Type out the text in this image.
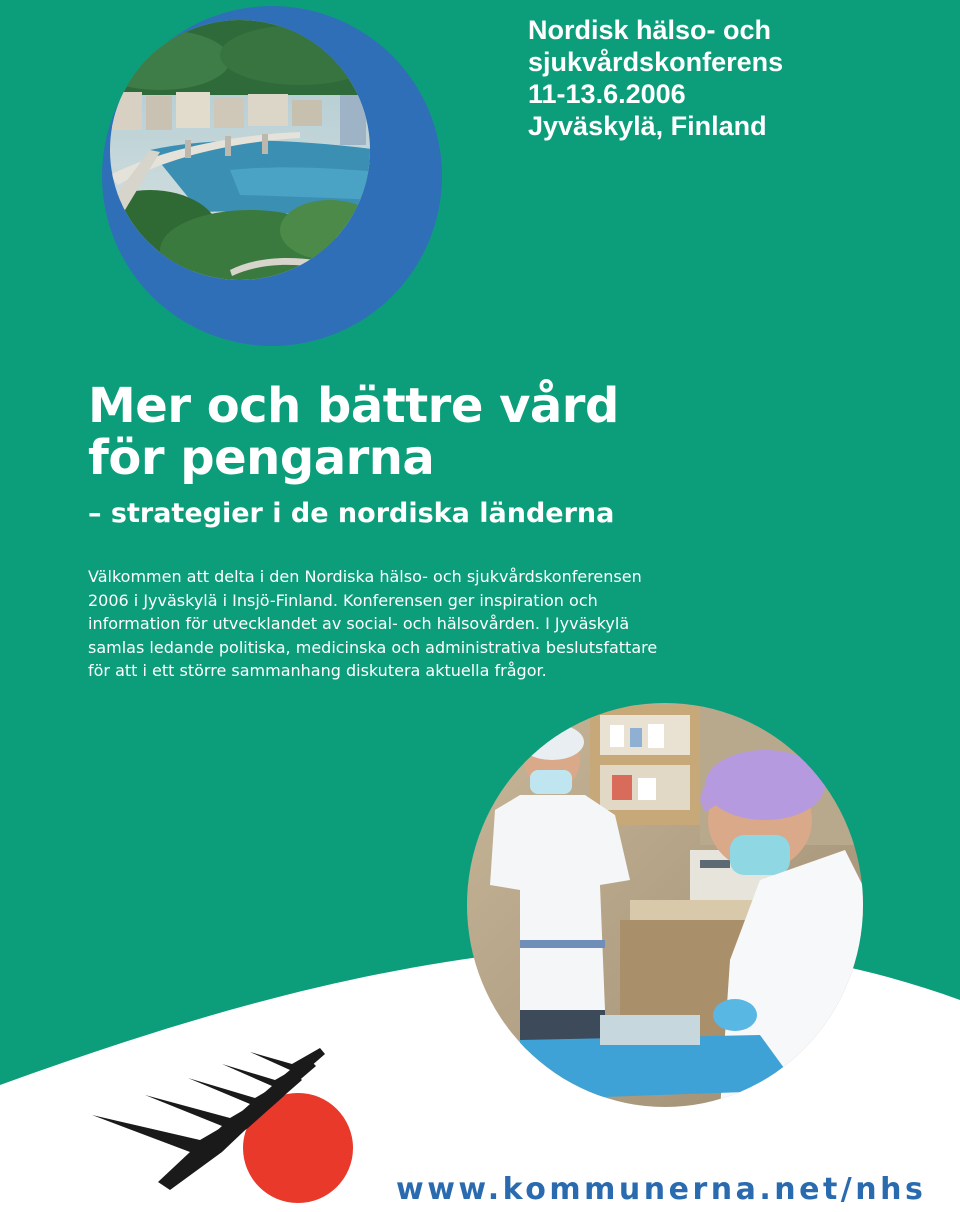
Nordisk hälso- och
sjukvårdskonferens
11-13.6.2006
Jyväskylä, Finland
Mer och bättre vård
för pengarna
– strategier i de nordiska länderna
Välkommen att delta i den Nordiska hälso- och sjukvårdskonferensen
2006 i Jyväskylä i Insjö-Finland. Konferensen ger inspiration och
information för utvecklandet av social- och hälsovården. I Jyväskylä
samlas ledande politiska, medicinska och administrativa beslutsfattare
för att i ett större sammanhang diskutera aktuella frågor.
www.kommunerna.net/nhs
